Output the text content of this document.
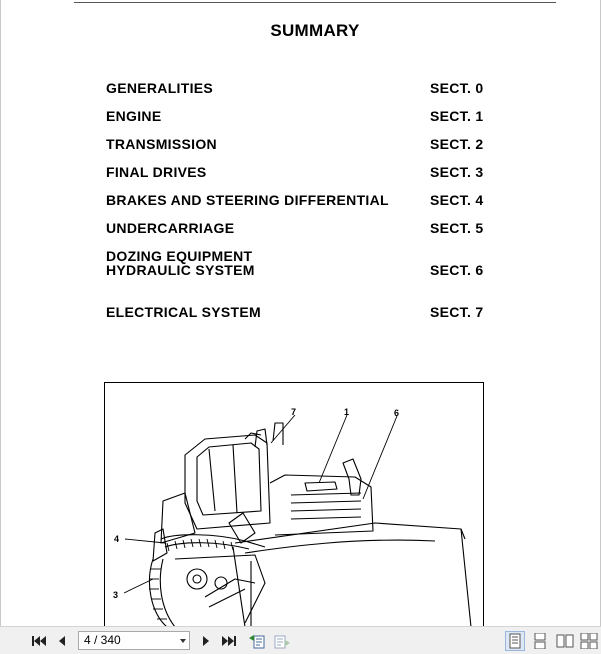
SUMMARY
GENERALITIES	SECT. 0
ENGINE	SECT. 1
TRANSMISSION	SECT. 2
FINAL DRIVES	SECT. 3
BRAKES AND STEERING DIFFERENTIAL	SECT. 4
UNDERCARRIAGE	SECT. 5
DOZING EQUIPMENT
HYDRAULIC SYSTEM	SECT. 6
ELECTRICAL SYSTEM	SECT. 7
7	1	6
4
3
4 / 340
